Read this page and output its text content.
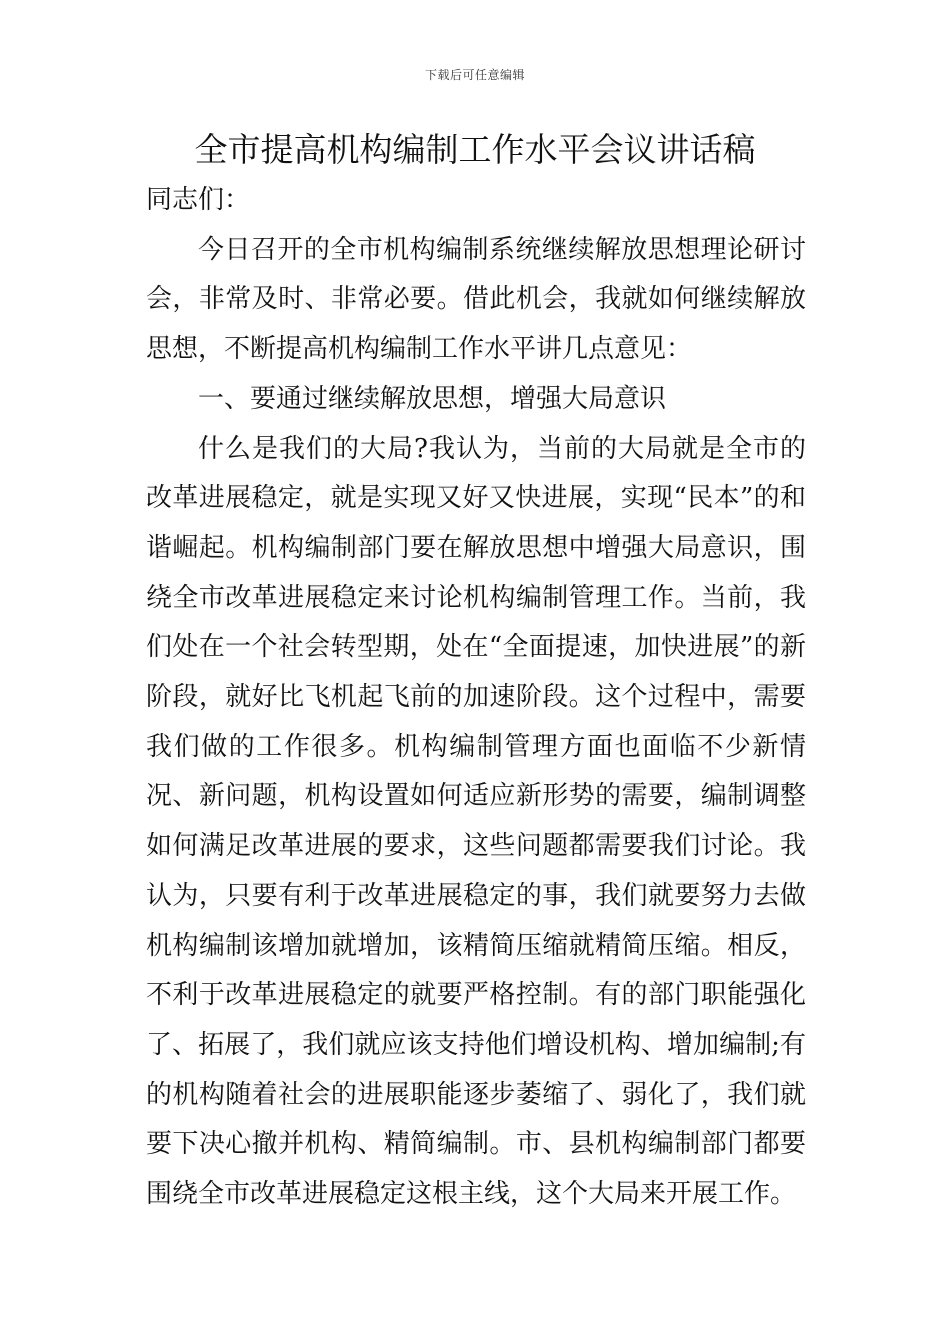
下载后可任意编辑
全市提高机构编制工作水平会议讲话稿

同志们：

今日召开的全市机构编制系统继续解放思想理论研讨会，非常及时、非常必要。借此机会，我就如何继续解放思想，不断提高机构编制工作水平讲几点意见：

一、要通过继续解放思想，增强大局意识

什么是我们的大局?我认为，当前的大局就是全市的改革进展稳定，就是实现又好又快进展，实现“民本”的和谐崛起。机构编制部门要在解放思想中增强大局意识，围绕全市改革进展稳定来讨论机构编制管理工作。当前，我们处在一个社会转型期，处在“全面提速，加快进展”的新阶段，就好比飞机起飞前的加速阶段。这个过程中，需要我们做的工作很多。机构编制管理方面也面临不少新情况、新问题，机构设置如何适应新形势的需要，编制调整如何满足改革进展的要求，这些问题都需要我们讨论。我认为，只要有利于改革进展稳定的事，我们就要努力去做机构编制该增加就增加，该精简压缩就精简压缩。相反，不利于改革进展稳定的就要严格控制。有的部门职能强化了、拓展了，我们就应该支持他们增设机构、增加编制;有的机构随着社会的进展职能逐步萎缩了、弱化了，我们就要下决心撤并机构、精简编制。市、县机构编制部门都要围绕全市改革进展稳定这根主线，这个大局来开展工作。
